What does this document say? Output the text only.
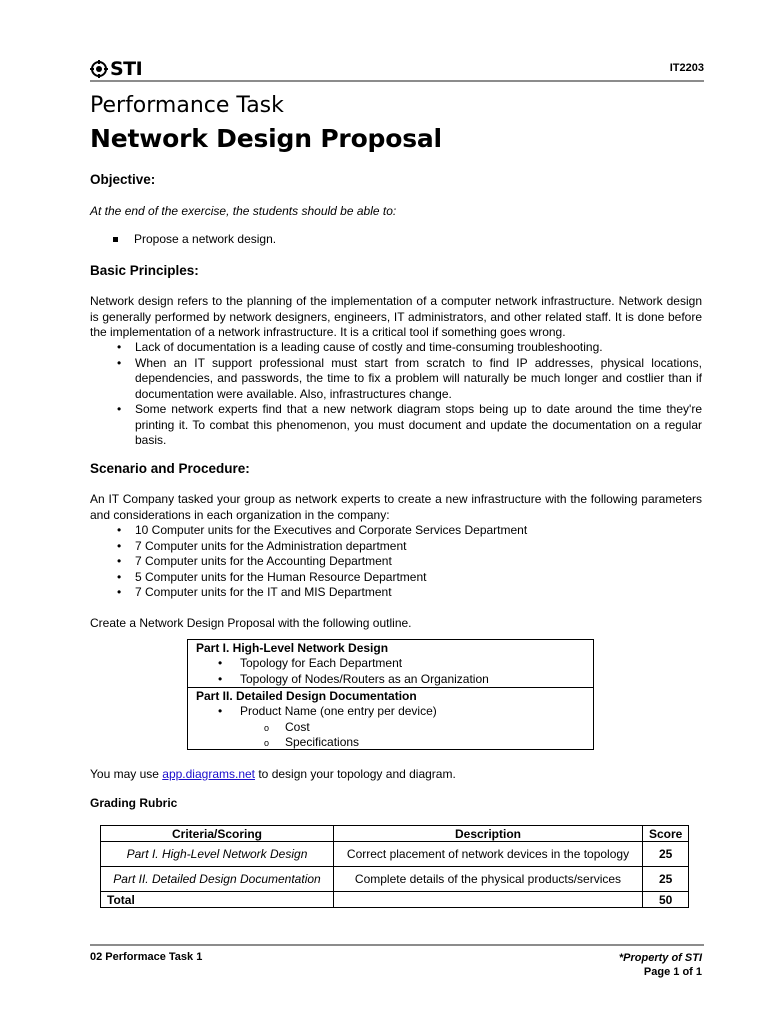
STI	IT2203
Performance Task
Network Design Proposal
Objective:
At the end of the exercise, the students should be able to:
Propose a network design.
Basic Principles:
Network design refers to the planning of the implementation of a computer network infrastructure. Network design is generally performed by network designers, engineers, IT administrators, and other related staff. It is done before the implementation of a network infrastructure. It is a critical tool if something goes wrong.
• Lack of documentation is a leading cause of costly and time-consuming troubleshooting.
• When an IT support professional must start from scratch to find IP addresses, physical locations, dependencies, and passwords, the time to fix a problem will naturally be much longer and costlier than if documentation were available. Also, infrastructures change.
• Some network experts find that a new network diagram stops being up to date around the time they're printing it. To combat this phenomenon, you must document and update the documentation on a regular basis.
Scenario and Procedure:
An IT Company tasked your group as network experts to create a new infrastructure with the following parameters and considerations in each organization in the company:
• 10 Computer units for the Executives and Corporate Services Department
• 7 Computer units for the Administration department
• 7 Computer units for the Accounting Department
• 5 Computer units for the Human Resource Department
• 7 Computer units for the IT and MIS Department
Create a Network Design Proposal with the following outline.
Part I. High-Level Network Design
• Topology for Each Department
• Topology of Nodes/Routers as an Organization
Part II. Detailed Design Documentation
• Product Name (one entry per device)
o Cost
o Specifications
You may use app.diagrams.net to design your topology and diagram.
Grading Rubric
Criteria/Scoring	Description	Score
Part I. High-Level Network Design	Correct placement of network devices in the topology	25
Part II. Detailed Design Documentation	Complete details of the physical products/services	25
Total		50
02 Performace Task 1	*Property of STI
Page 1 of 1
